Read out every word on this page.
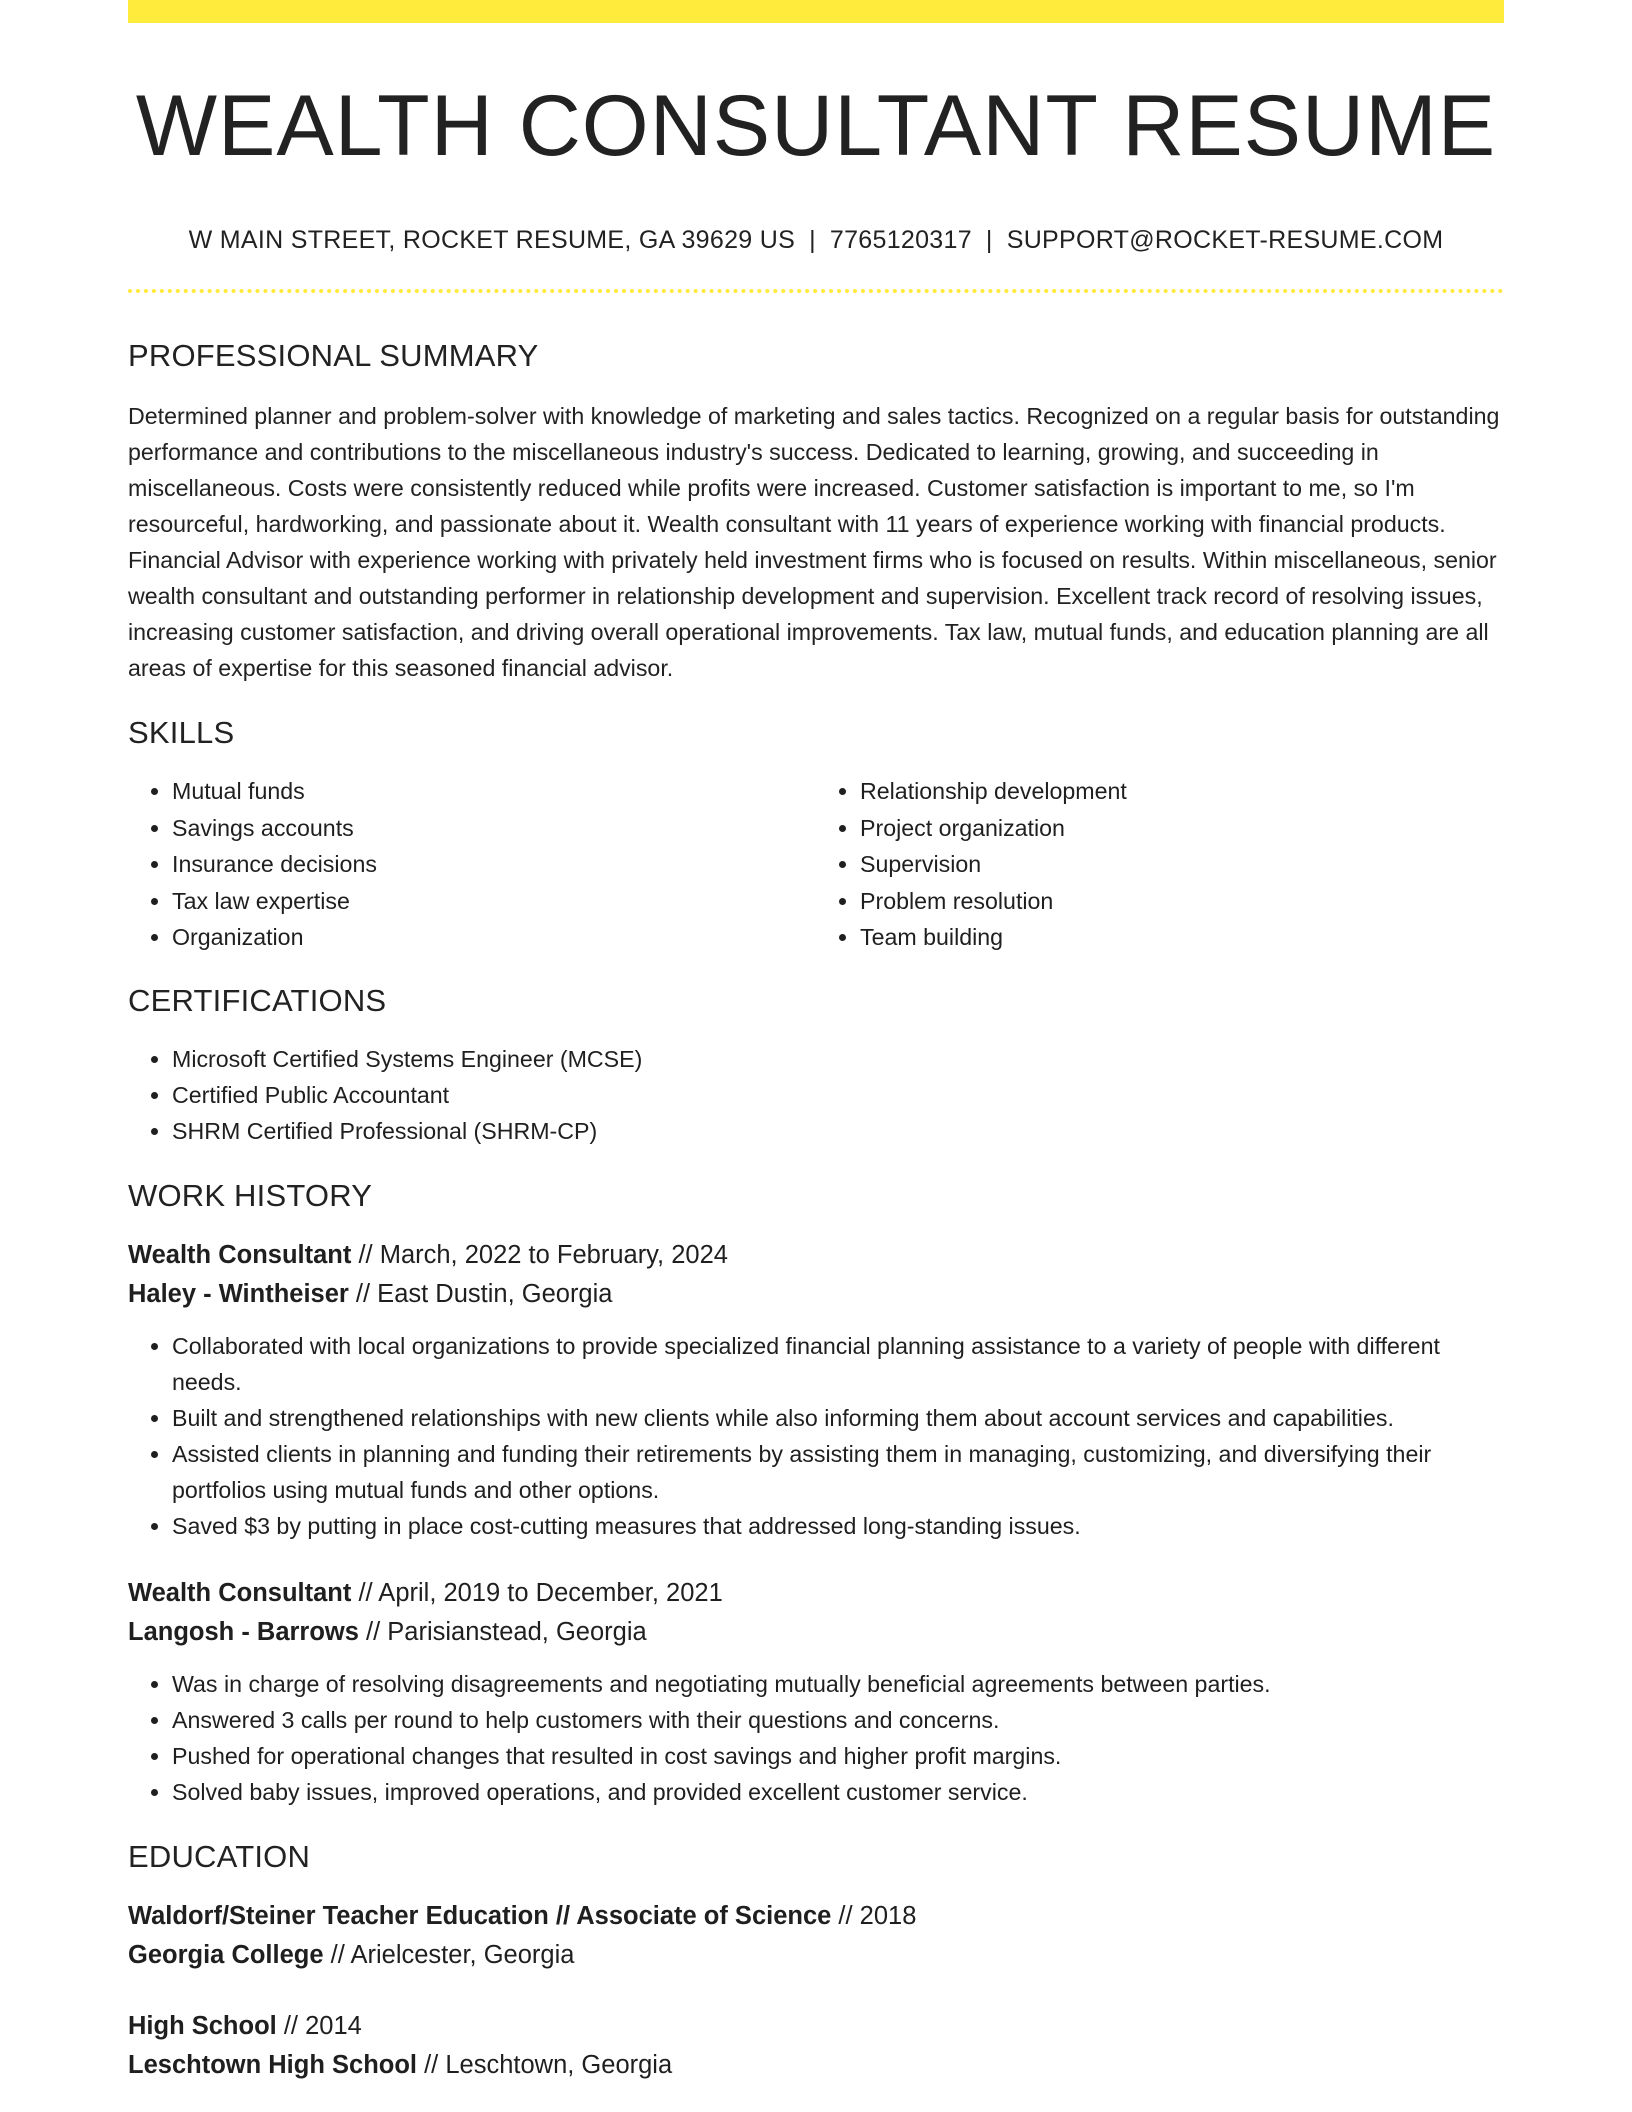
WEALTH CONSULTANT RESUME
W MAIN STREET, ROCKET RESUME, GA 39629 US | 7765120317 | SUPPORT@ROCKET-RESUME.COM
PROFESSIONAL SUMMARY

Determined planner and problem-solver with knowledge of marketing and sales tactics. Recognized on a regular basis for outstanding performance and contributions to the miscellaneous industry's success. Dedicated to learning, growing, and succeeding in miscellaneous. Costs were consistently reduced while profits were increased. Customer satisfaction is important to me, so I'm resourceful, hardworking, and passionate about it. Wealth consultant with 11 years of experience working with financial products. Financial Advisor with experience working with privately held investment firms who is focused on results. Within miscellaneous, senior wealth consultant and outstanding performer in relationship development and supervision. Excellent track record of resolving issues, increasing customer satisfaction, and driving overall operational improvements. Tax law, mutual funds, and education planning are all areas of expertise for this seasoned financial advisor.

SKILLS
• Mutual funds
• Savings accounts
• Insurance decisions
• Tax law expertise
• Organization
• Relationship development
• Project organization
• Supervision
• Problem resolution
• Team building
CERTIFICATIONS
• Microsoft Certified Systems Engineer (MCSE)
• Certified Public Accountant
• SHRM Certified Professional (SHRM-CP)
WORK HISTORY

Wealth Consultant // March, 2022 to February, 2024

Haley - Wintheiser // East Dustin, Georgia

• Collaborated with local organizations to provide specialized financial planning assistance to a variety of people with different needs.
• Built and strengthened relationships with new clients while also informing them about account services and capabilities.
• Assisted clients in planning and funding their retirements by assisting them in managing, customizing, and diversifying their portfolios using mutual funds and other options.
• Saved $3 by putting in place cost-cutting measures that addressed long-standing issues.

Wealth Consultant // April, 2019 to December, 2021

Langosh - Barrows // Parisianstead, Georgia

• Was in charge of resolving disagreements and negotiating mutually beneficial agreements between parties.
• Answered 3 calls per round to help customers with their questions and concerns.
• Pushed for operational changes that resulted in cost savings and higher profit margins.
• Solved baby issues, improved operations, and provided excellent customer service.
EDUCATION

Waldorf/Steiner Teacher Education // Associate of Science // 2018

Georgia College // Arielcester, Georgia

High School // 2014

Leschtown High School // Leschtown, Georgia
